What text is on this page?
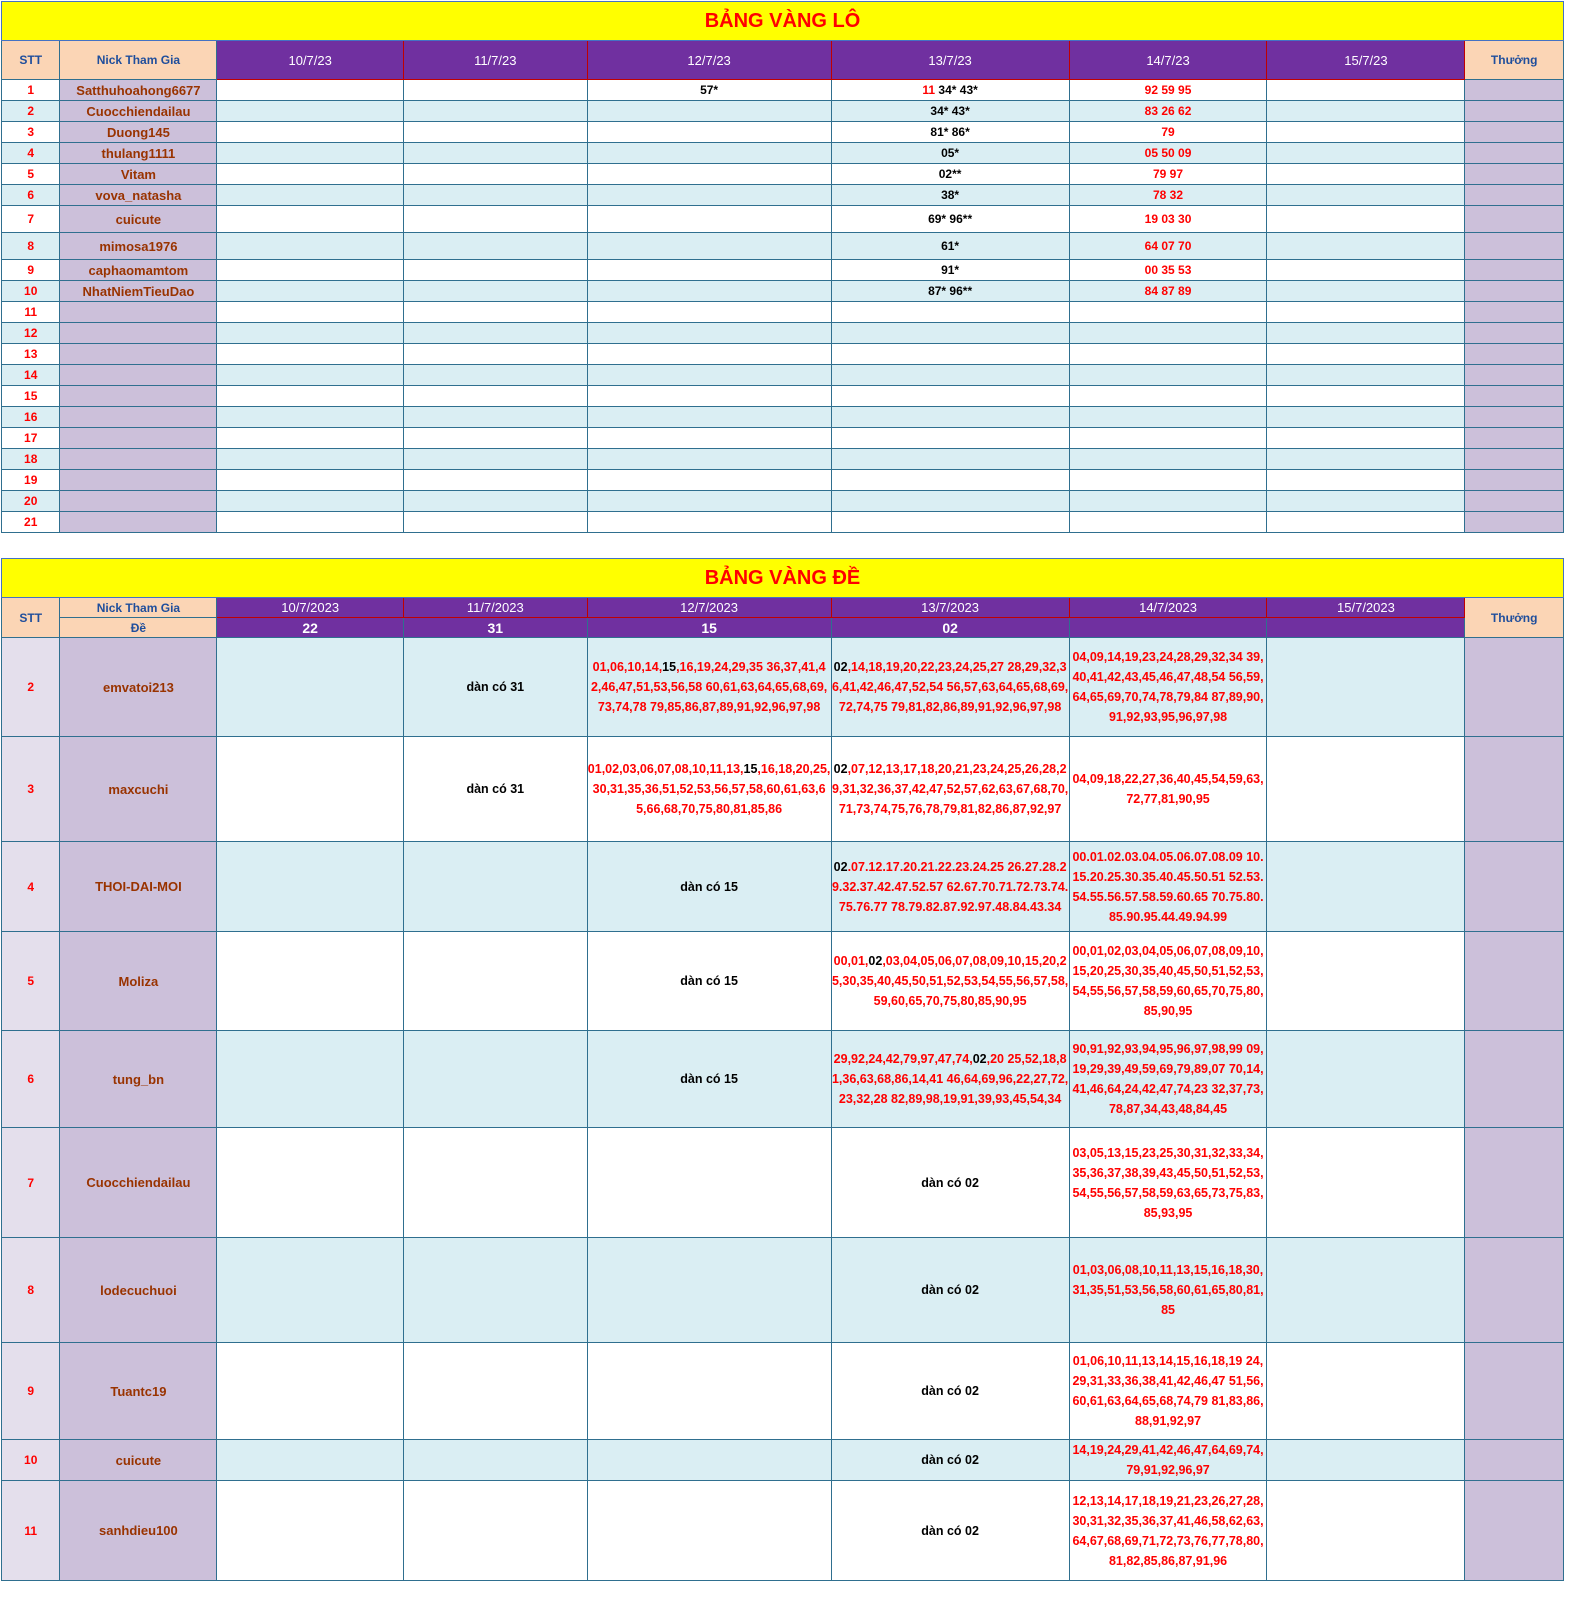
BẢNG VÀNG LÔ								
STT	Nick Tham Gia	10/7/23	11/7/23	12/7/23	13/7/23	14/7/23	15/7/23	Thưởng
1	Satthuhoahong6677			57*	11 34* 43*	92 59 95		
2	Cuocchiendailau				34* 43*	83 26 62		
3	Duong145				81* 86*	79		
4	thulang1111				05*	05 50 09		
5	Vitam				02**	79 97		
6	vova_natasha				38*	78 32		
7	cuicute				69* 96**	19 03 30		
8	mimosa1976				61*	64 07 70		
9	caphaomamtom				91*	00 35 53		
10	NhatNiemTieuDao				87* 96**	84 87 89		
11								
12								
13								
14								
15								
16								
17								
18								
19								
20								
21								
BẢNG VÀNG ĐỀ								
STT	Nick Tham Gia	10/7/2023	11/7/2023	12/7/2023	13/7/2023	14/7/2023	15/7/2023	Thưởng
	Đề	22	31	15	02			
2	emvatoi213		dàn có 31	01,06,10,14,15,16,19,24,29,35 36,37,41,42,46,47,51,53,56,58 60,61,63,64,65,68,69,73,74,78 79,85,86,87,89,91,92,96,97,98	02,14,18,19,20,22,23,24,25,27 28,29,32,36,41,42,46,47,52,54 56,57,63,64,65,68,69,72,74,75 79,81,82,86,89,91,92,96,97,98	04,09,14,19,23,24,28,29,32,34 39,40,41,42,43,45,46,47,48,54 56,59,64,65,69,70,74,78,79,84 87,89,90,91,92,93,95,96,97,98		
3	maxcuchi		dàn có 31	01,02,03,06,07,08,10,11,13,15,16,18,20,25,30,31,35,36,51,52,53,56,57,58,60,61,63,65,66,68,70,75,80,81,85,86	02,07,12,13,17,18,20,21,23,24,25,26,28,29,31,32,36,37,42,47,52,57,62,63,67,68,70,71,73,74,75,76,78,79,81,82,86,87,92,97	04,09,18,22,27,36,40,45,54,59,63,72,77,81,90,95		
4	THOI-DAI-MOI			dàn có 15	02.07.12.17.20.21.22.23.24.25 26.27.28.29.32.37.42.47.52.57 62.67.70.71.72.73.74.75.76.77 78.79.82.87.92.97.48.84.43.34	00.01.02.03.04.05.06.07.08.09 10.15.20.25.30.35.40.45.50.51 52.53.54.55.56.57.58.59.60.65 70.75.80.85.90.95.44.49.94.99		
5	Moliza			dàn có 15	00,01,02,03,04,05,06,07,08,09,10,15,20,25,30,35,40,45,50,51,52,53,54,55,56,57,58,59,60,65,70,75,80,85,90,95	00,01,02,03,04,05,06,07,08,09,10,15,20,25,30,35,40,45,50,51,52,53,54,55,56,57,58,59,60,65,70,75,80,85,90,95		
6	tung_bn			dàn có 15	29,92,24,42,79,97,47,74,02,20 25,52,18,81,36,63,68,86,14,41 46,64,69,96,22,27,72,23,32,28 82,89,98,19,91,39,93,45,54,34	90,91,92,93,94,95,96,97,98,99 09,19,29,39,49,59,69,79,89,07 70,14,41,46,64,24,42,47,74,23 32,37,73,78,87,34,43,48,84,45		
7	Cuocchiendailau				dàn có 02	03,05,13,15,23,25,30,31,32,33,34,35,36,37,38,39,43,45,50,51,52,53,54,55,56,57,58,59,63,65,73,75,83,85,93,95		
8	lodecuchuoi				dàn có 02	01,03,06,08,10,11,13,15,16,18,30,31,35,51,53,56,58,60,61,65,80,81,85		
9	Tuantc19				dàn có 02	01,06,10,11,13,14,15,16,18,19 24,29,31,33,36,38,41,42,46,47 51,56,60,61,63,64,65,68,74,79 81,83,86,88,91,92,97		
10	cuicute				dàn có 02	14,19,24,29,41,42,46,47,64,69,74,79,91,92,96,97		
11	sanhdieu100				dàn có 02	12,13,14,17,18,19,21,23,26,27,28,30,31,32,35,36,37,41,46,58,62,63,64,67,68,69,71,72,73,76,77,78,80,81,82,85,86,87,91,96		
